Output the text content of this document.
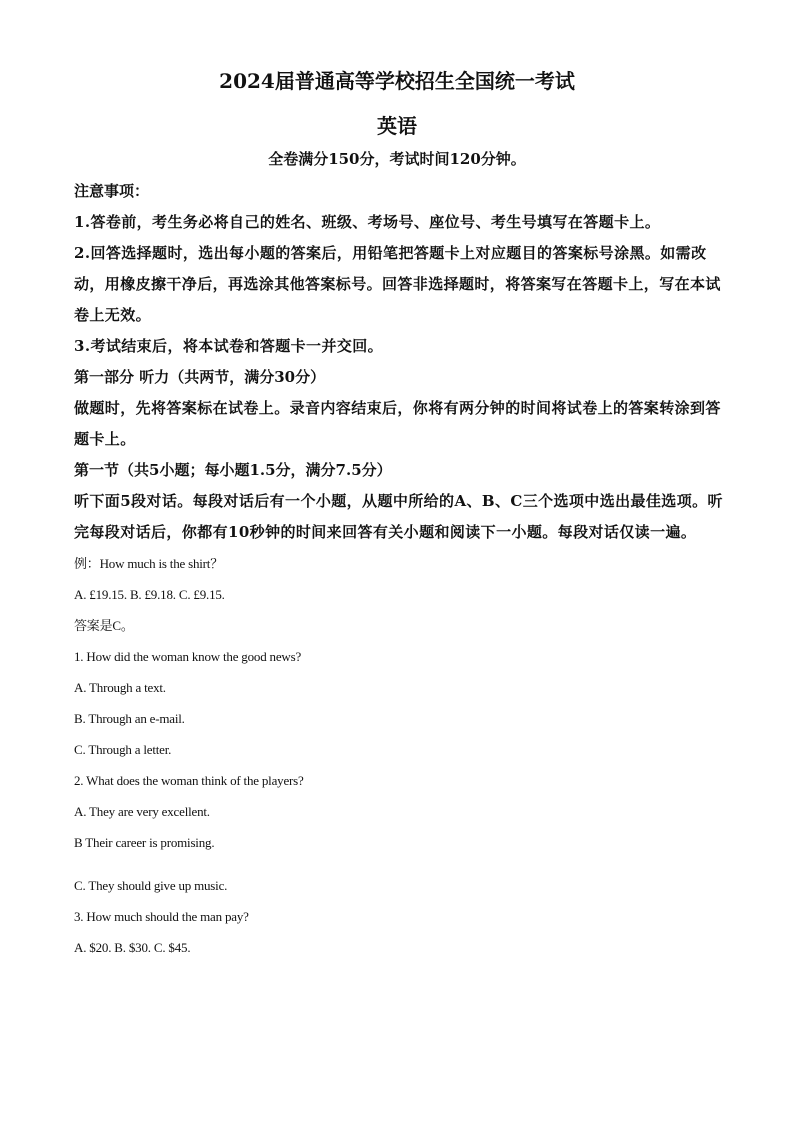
2024届普通高等学校招生全国统一考试
英语
全卷满分150分，考试时间120分钟。

注意事项：

1.答卷前，考生务必将自己的姓名、班级、考场号、座位号、考生号填写在答题卡上。

2.回答选择题时，选出每小题的答案后，用铅笔把答题卡上对应题目的答案标号涂黑。如需改动，用橡皮擦干净后，再选涂其他答案标号。回答非选择题时，将答案写在答题卡上，写在本试卷上无效。

3.考试结束后，将本试卷和答题卡一并交回。

第一部分 听力（共两节，满分30分）

做题时，先将答案标在试卷上。录音内容结束后，你将有两分钟的时间将试卷上的答案转涂到答题卡上。

第一节（共5小题；每小题1.5分，满分7.5分）

听下面5段对话。每段对话后有一个小题，从题中所给的A、B、C三个选项中选出最佳选项。听完每段对话后，你都有10秒钟的时间来回答有关小题和阅读下一小题。每段对话仅读一遍。

例：How much is the shirt？

A. £19.15. B. £9.18. C. £9.15.

答案是C。

1. How did the woman know the good news?

A. Through a text.

B. Through an e-mail.

C. Through a letter.

2. What does the woman think of the players?

A. They are very excellent.

B Their career is promising.

C. They should give up music.

3. How much should the man pay?

A. $20. B. $30. C. $45.
